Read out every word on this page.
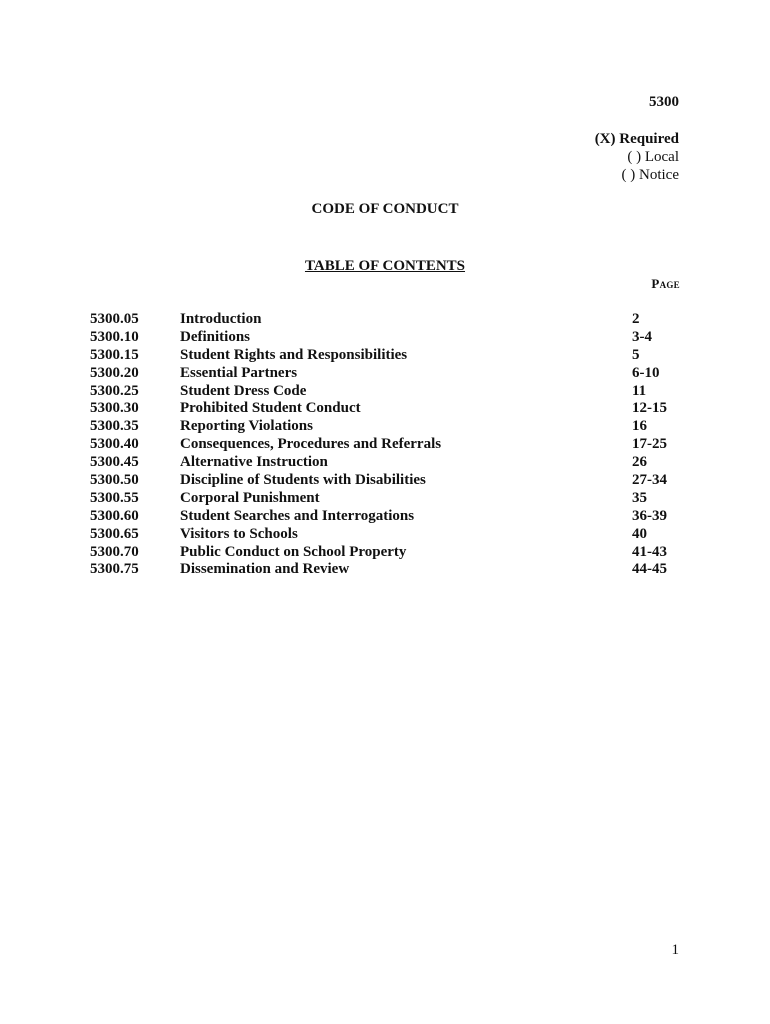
5300
(X) Required
( ) Local
( ) Notice
CODE OF CONDUCT
TABLE OF CONTENTS
Page
5300.05	Introduction	2
5300.10	Definitions	3-4
5300.15	Student Rights and Responsibilities	5
5300.20	Essential Partners	6-10
5300.25	Student Dress Code	11
5300.30	Prohibited Student Conduct	12-15
5300.35	Reporting Violations	16
5300.40	Consequences, Procedures and Referrals	17-25
5300.45	Alternative Instruction	26
5300.50	Discipline of Students with Disabilities	27-34
5300.55	Corporal Punishment	35
5300.60	Student Searches and Interrogations	36-39
5300.65	Visitors to Schools	40
5300.70	Public Conduct on School Property	41-43
5300.75	Dissemination and Review	44-45
1
